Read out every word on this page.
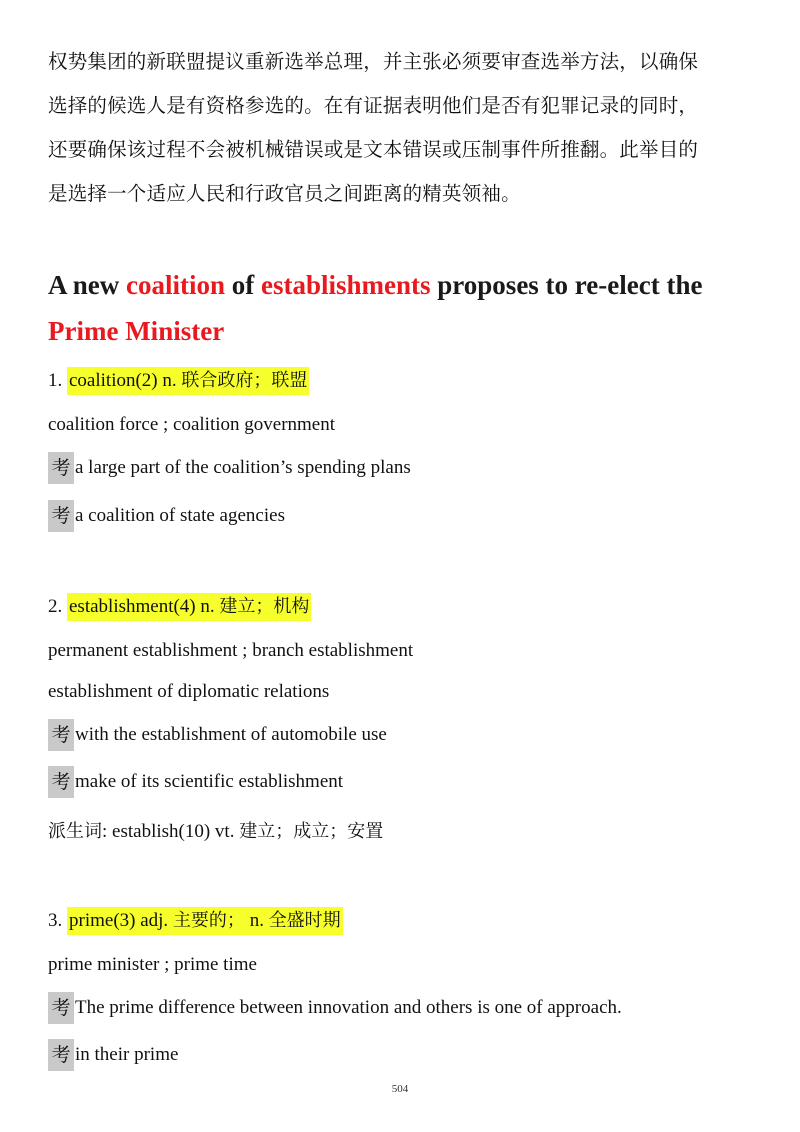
权势集团的新联盟提议重新选举总理，并主张必须要审查选举方法，以确保
选择的候选人是有资格参选的。在有证据表明他们是否有犯罪记录的同时，
还要确保该过程不会被机械错误或是文本错误或压制事件所推翻。此举目的
是选择一个适应人民和行政官员之间距离的精英领袖。
A new coalition of establishments proposes to re-elect the
Prime Minister
1. coalition(2) n. 联合政府；联盟
coalition force ; coalition government
考 a large part of the coalition’s spending plans
考 a coalition of state agencies
2. establishment(4) n. 建立；机构
permanent establishment ; branch establishment
establishment of diplomatic relations
考 with the establishment of automobile use
考 make of its scientific establishment
派生词: establish(10) vt. 建立；成立；安置
3. prime(3) adj. 主要的； n. 全盛时期
prime minister ; prime time
考 The prime difference between innovation and others is one of approach.
考 in their prime
504
